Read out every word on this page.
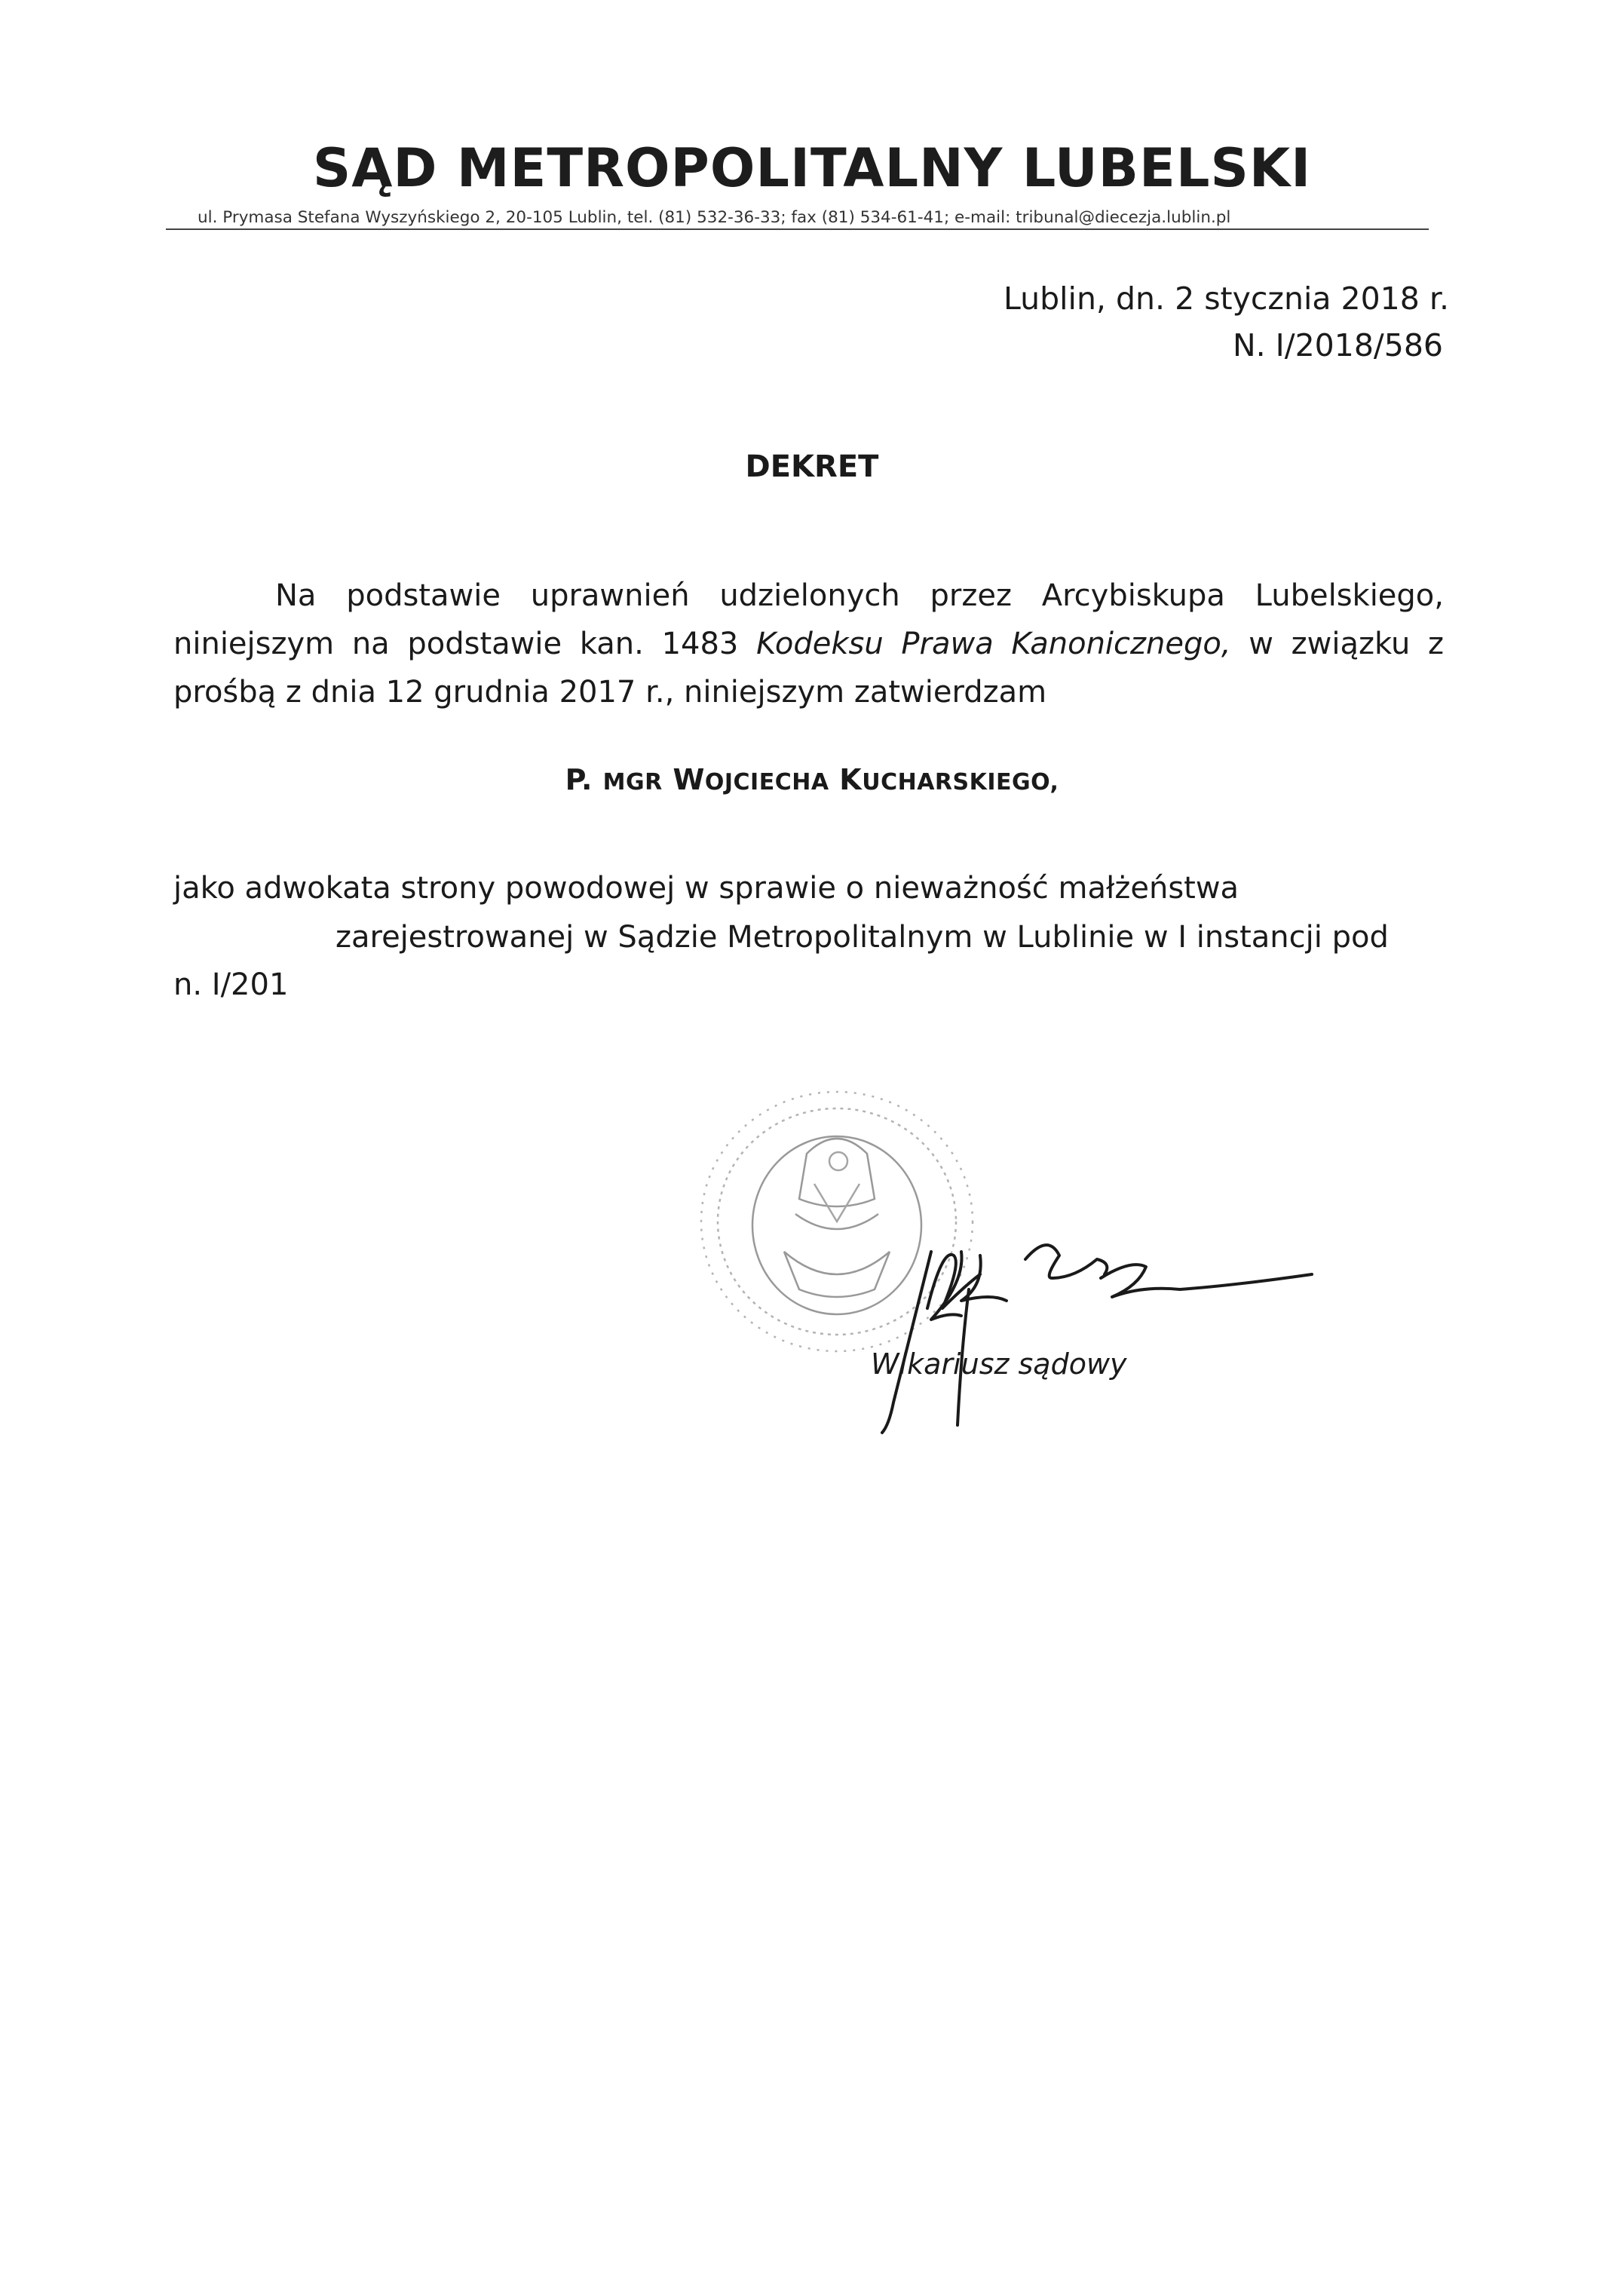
SĄD METROPOLITALNY LUBELSKI
ul. Prymasa Stefana Wyszyńskiego 2, 20-105 Lublin, tel. (81) 532-36-33; fax (81) 534-61-41; e-mail: tribunal@diecezja.lublin.pl
Lublin, dn. 2 stycznia 2018 r.
N. I/2018/586
DEKRET
Na podstawie uprawnień udzielonych przez Arcybiskupa Lubelskiego, niniejszym na podstawie kan. 1483 Kodeksu Prawa Kanonicznego, w związku z prośbą z dnia 12 grudnia 2017 r., niniejszym zatwierdzam
P. MGR WOJCIECHA KUCHARSKIEGO,
jako adwokata strony powodowej w sprawie o nieważność małżeństwa
zarejestrowanej w Sądzie Metropolitalnym w Lublinie w I instancji pod
n. I/201
Wikariusz sądowy
